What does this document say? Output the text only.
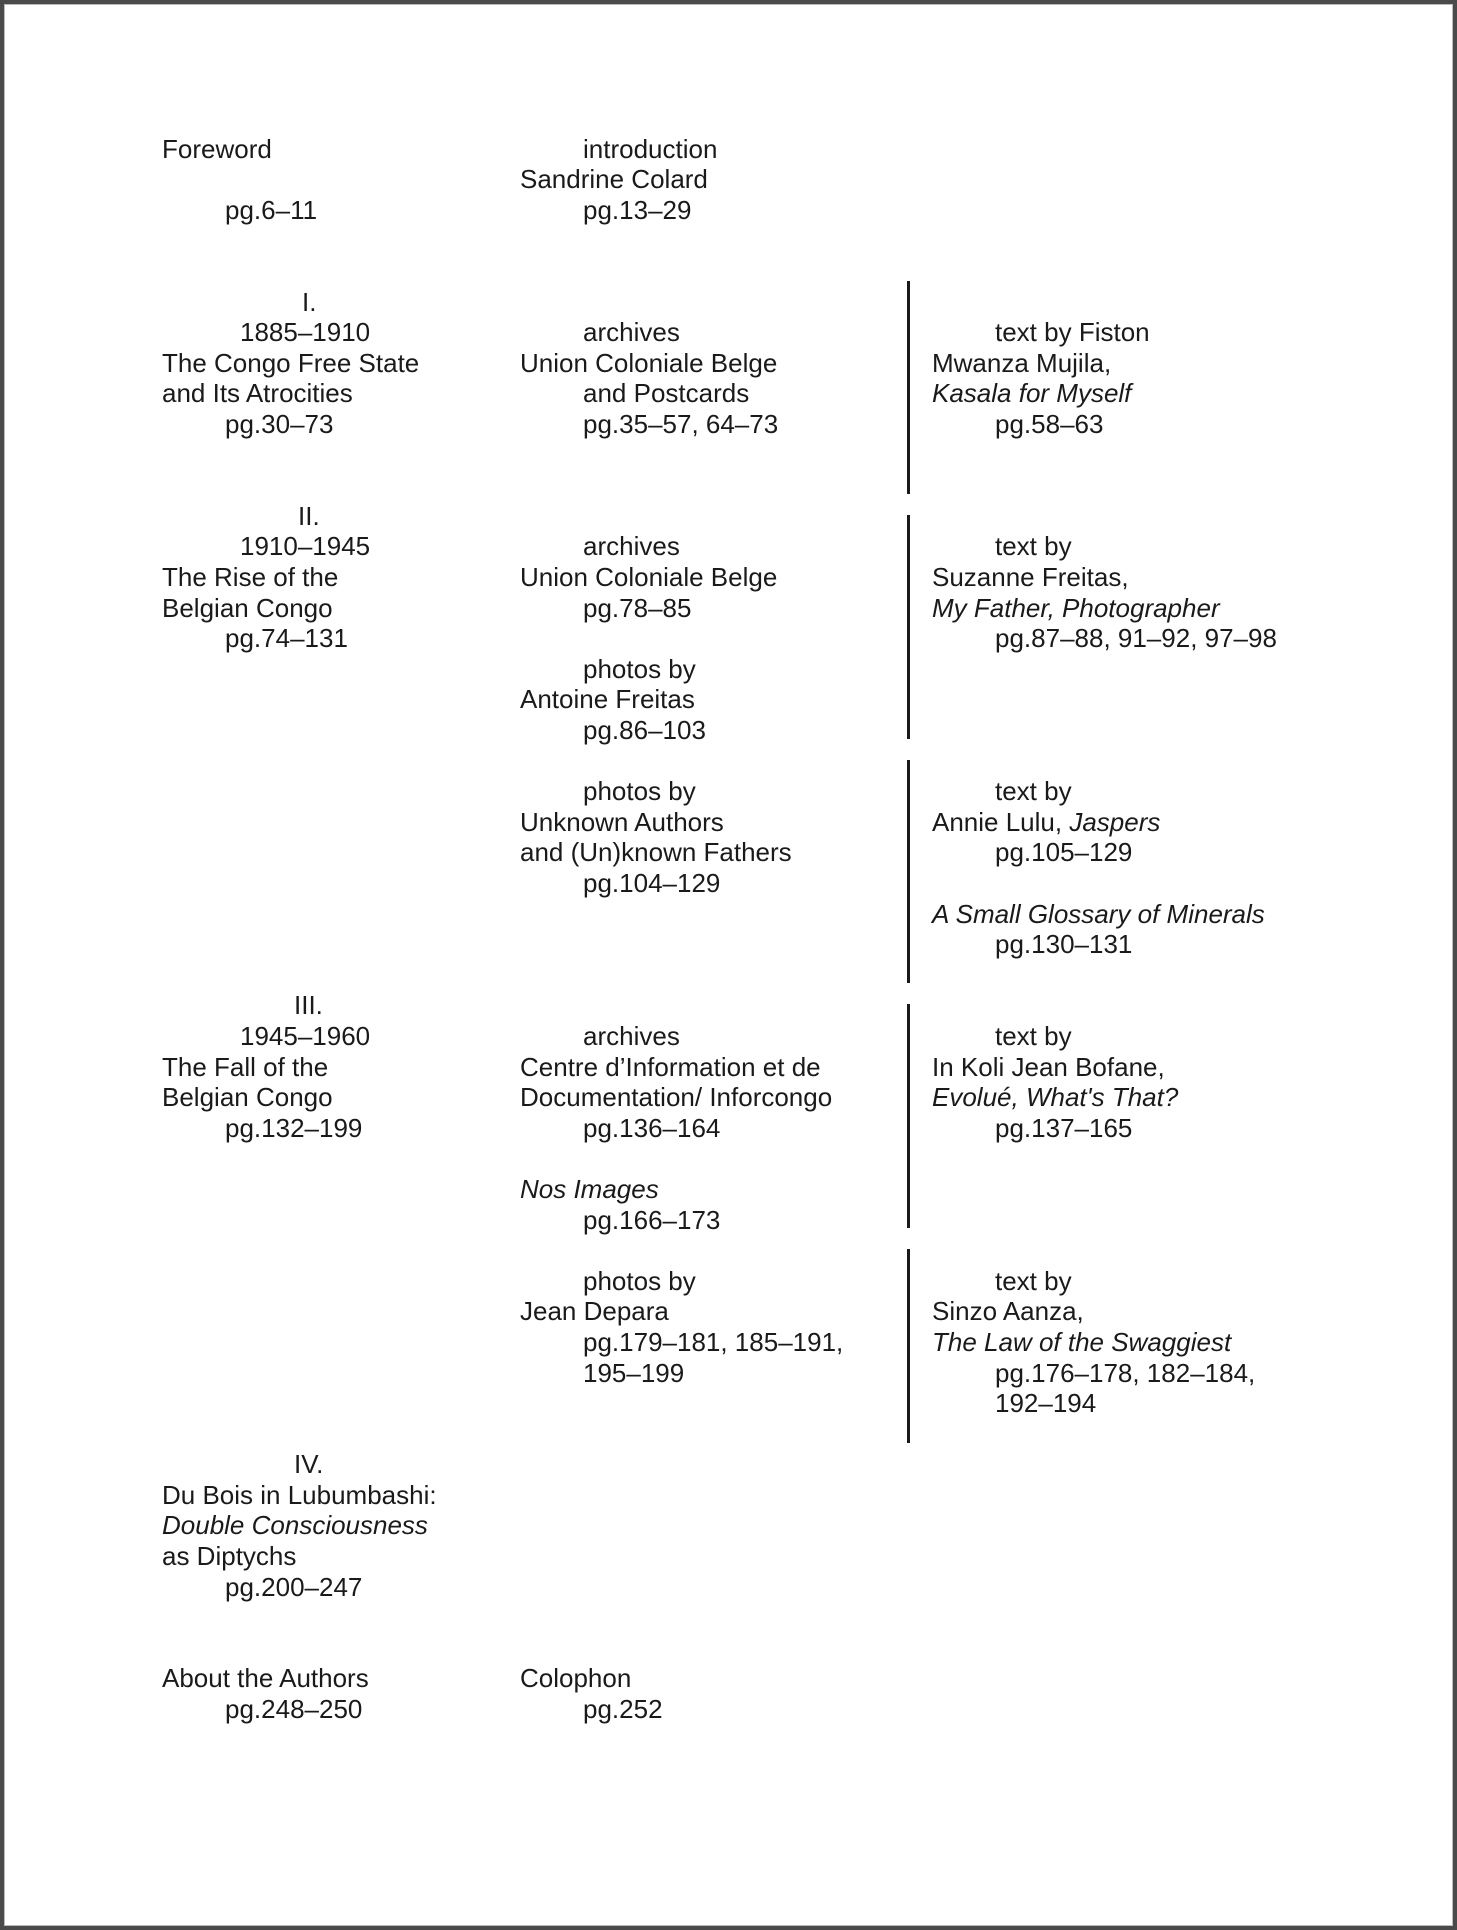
Foreword
pg.6–11
introduction
Sandrine Colard
pg.13–29
I.
1885–1910
The Congo Free State
and Its Atrocities
pg.30–73
archives
Union Coloniale Belge
and Postcards
pg.35–57, 64–73
text by Fiston
Mwanza Mujila,
Kasala for Myself
pg.58–63
II.
1910–1945
The Rise of the
Belgian Congo
pg.74–131
archives
Union Coloniale Belge
pg.78–85
photos by
Antoine Freitas
pg.86–103
text by
Suzanne Freitas,
My Father, Photographer
pg.87–88, 91–92, 97–98
photos by
Unknown Authors
and (Un)known Fathers
pg.104–129
text by
Annie Lulu, Jaspers
pg.105–129
A Small Glossary of Minerals
pg.130–131
III.
1945–1960
The Fall of the
Belgian Congo
pg.132–199
archives
Centre d’Information et de
Documentation/ Inforcongo
pg.136–164
Nos Images
pg.166–173
text by
In Koli Jean Bofane,
Evolué, What's That?
pg.137–165
photos by
Jean Depara
pg.179–181, 185–191,
195–199
text by
Sinzo Aanza,
The Law of the Swaggiest
pg.176–178, 182–184,
192–194
IV.
Du Bois in Lubumbashi:
Double Consciousness
as Diptychs
pg.200–247
About the Authors
pg.248–250
Colophon
pg.252
